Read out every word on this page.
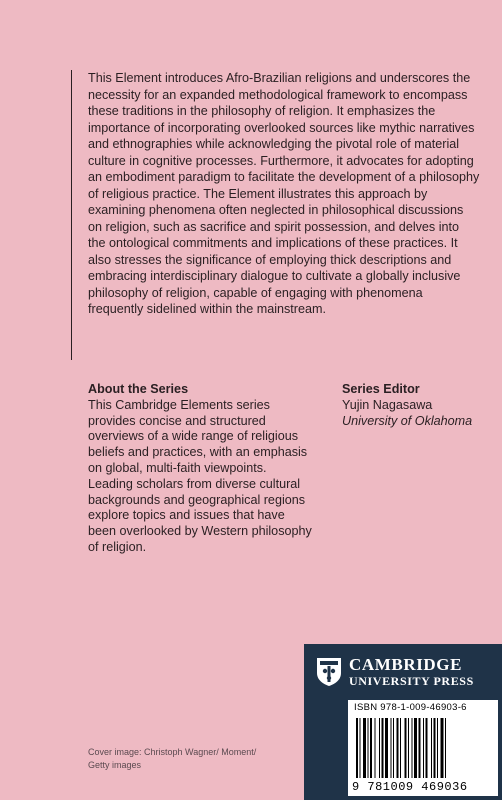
This Element introduces Afro-Brazilian religions and underscores the necessity for an expanded methodological framework to encompass these traditions in the philosophy of religion. It emphasizes the importance of incorporating overlooked sources like mythic narratives and ethnographies while acknowledging the pivotal role of material culture in cognitive processes. Furthermore, it advocates for adopting an embodiment paradigm to facilitate the development of a philosophy of religious practice. The Element illustrates this approach by examining phenomena often neglected in philosophical discussions on religion, such as sacrifice and spirit possession, and delves into the ontological commitments and implications of these practices. It also stresses the significance of employing thick descriptions and embracing interdisciplinary dialogue to cultivate a globally inclusive philosophy of religion, capable of engaging with phenomena frequently sidelined within the mainstream.

About the Series

This Cambridge Elements series provides concise and structured overviews of a wide range of religious beliefs and practices, with an emphasis on global, multi-faith viewpoints. Leading scholars from diverse cultural backgrounds and geographical regions explore topics and issues that have been overlooked by Western philosophy of religion.

Series Editor
Yujin Nagasawa
University of Oklahoma
Cover image: Christoph Wagner/ Moment/ Getty images
CAMBRIDGE
UNIVERSITY PRESS
ISBN 978-1-009-46903-6
9 781009 469036
